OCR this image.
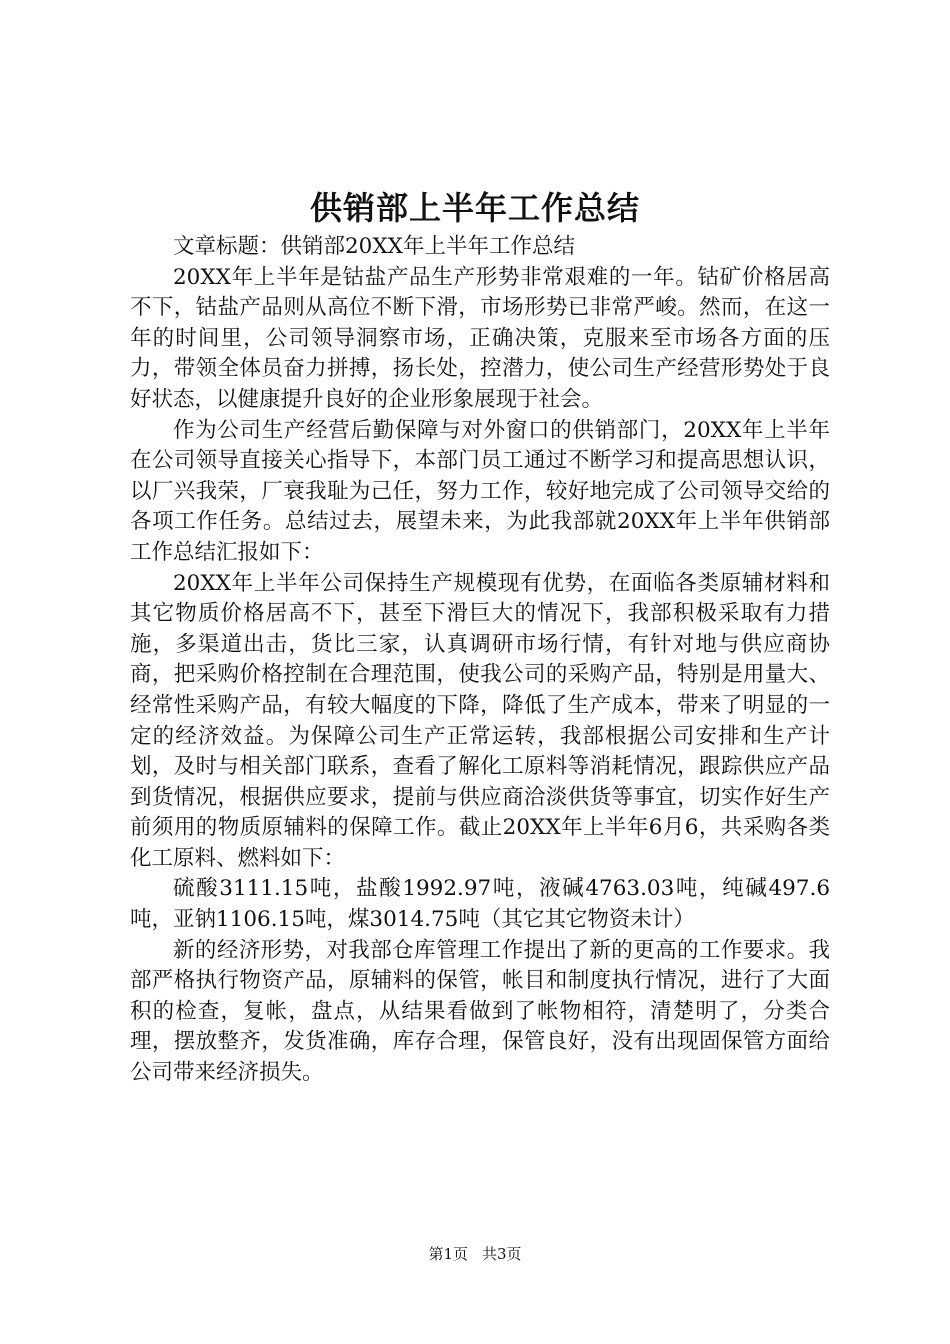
供销部上半年工作总结

文章标题：供销部20XX年上半年工作总结

20XX年上半年是钴盐产品生产形势非常艰难的一年。钴矿价格居高不下，钴盐产品则从高位不断下滑，市场形势已非常严峻。然而，在这一年的时间里，公司领导洞察市场，正确决策，克服来至市场各方面的压力，带领全体员奋力拼搏，扬长处，控潜力，使公司生产经营形势处于良好状态，以健康提升良好的企业形象展现于社会。

作为公司生产经营后勤保障与对外窗口的供销部门，20XX年上半年在公司领导直接关心指导下，本部门员工通过不断学习和提高思想认识，以厂兴我荣，厂衰我耻为己任，努力工作，较好地完成了公司领导交给的各项工作任务。总结过去，展望未来，为此我部就20XX年上半年供销部工作总结汇报如下：

20XX年上半年公司保持生产规模现有优势，在面临各类原辅材料和其它物质价格居高不下，甚至下滑巨大的情况下，我部积极采取有力措施，多渠道出击，货比三家，认真调研市场行情，有针对地与供应商协商，把采购价格控制在合理范围，使我公司的采购产品，特别是用量大、经常性采购产品，有较大幅度的下降，降低了生产成本，带来了明显的一定的经济效益。为保障公司生产正常运转，我部根据公司安排和生产计划，及时与相关部门联系，查看了解化工原料等消耗情况，跟踪供应产品到货情况，根据供应要求，提前与供应商洽淡供货等事宜，切实作好生产前须用的物质原辅料的保障工作。截止20XX年上半年6月6，共采购各类化工原料、燃料如下：

硫酸3111.15吨，盐酸1992.97吨，液碱4763.03吨，纯碱497.6吨，亚钠1106.15吨，煤3014.75吨（其它其它物资未计）

新的经济形势，对我部仓库管理工作提出了新的更高的工作要求。我部严格执行物资产品，原辅料的保管，帐目和制度执行情况，进行了大面积的检查，复帐，盘点，从结果看做到了帐物相符，清楚明了，分类合理，摆放整齐，发货准确，库存合理，保管良好，没有出现固保管方面给公司带来经济损失。

第1页 共3页
